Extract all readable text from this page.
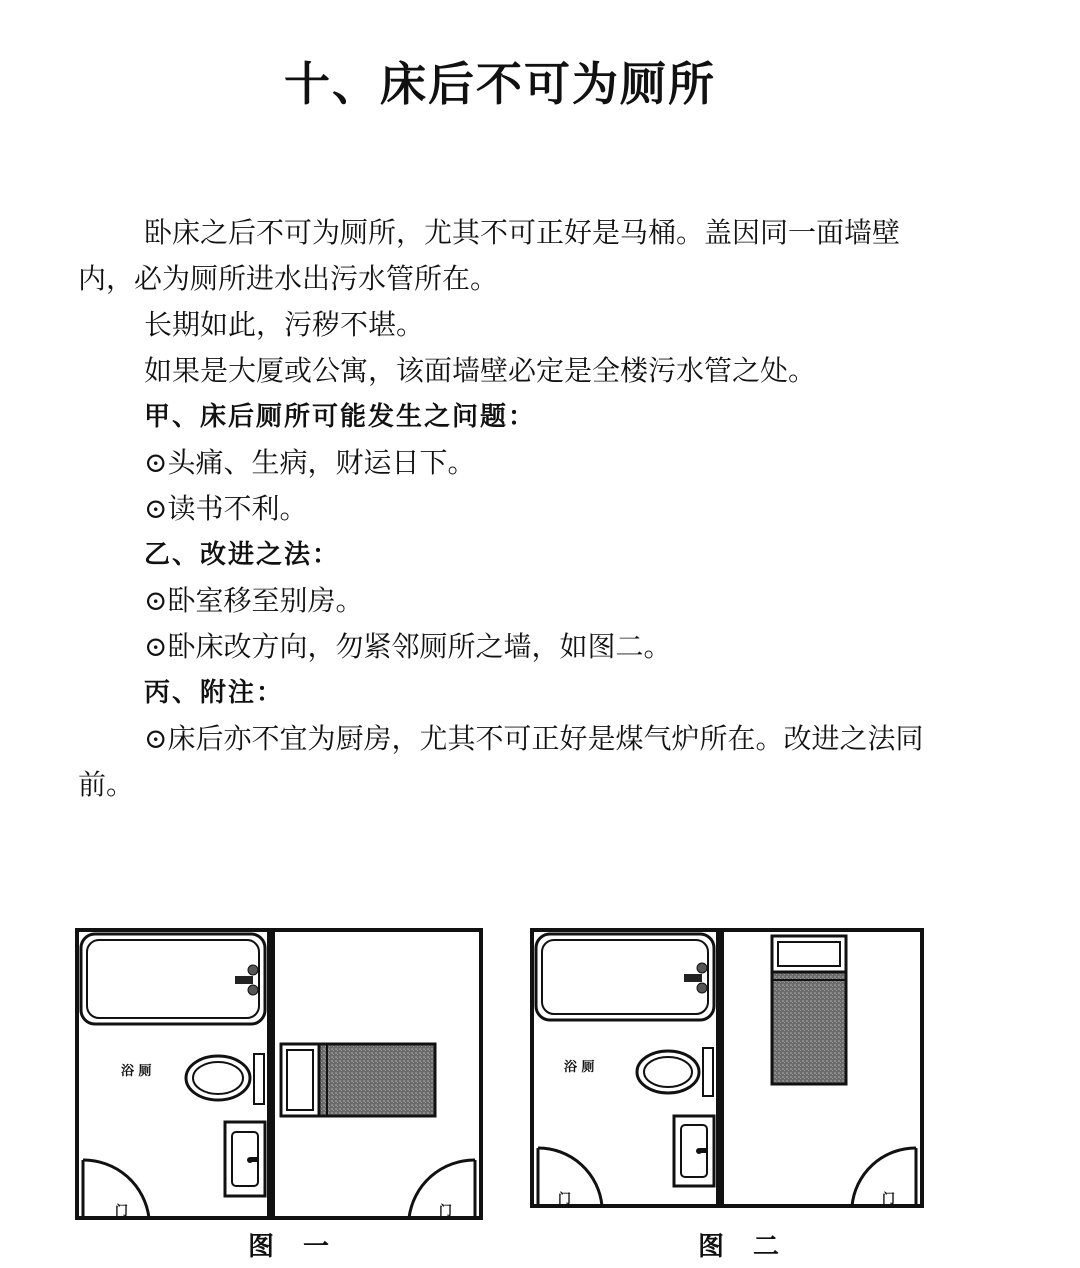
十、床后不可为厕所

卧床之后不可为厕所，尤其不可正好是马桶。盖因同一面墙壁内，必为厕所进水出污水管所在。

长期如此，污秽不堪。

如果是大厦或公寓，该面墙壁必定是全楼污水管之处。

甲、床后厕所可能发生之问题：

⊙头痛、生病，财运日下。

⊙读书不利。

乙、改进之法：

⊙卧室移至别房。

⊙卧床改方向，勿紧邻厕所之墙，如图二。

丙、附注：

⊙床后亦不宜为厨房，尤其不可正好是煤气炉所在。改进之法同前。

浴 厕
门	门
图 一
浴 厕
门	门
图 二
